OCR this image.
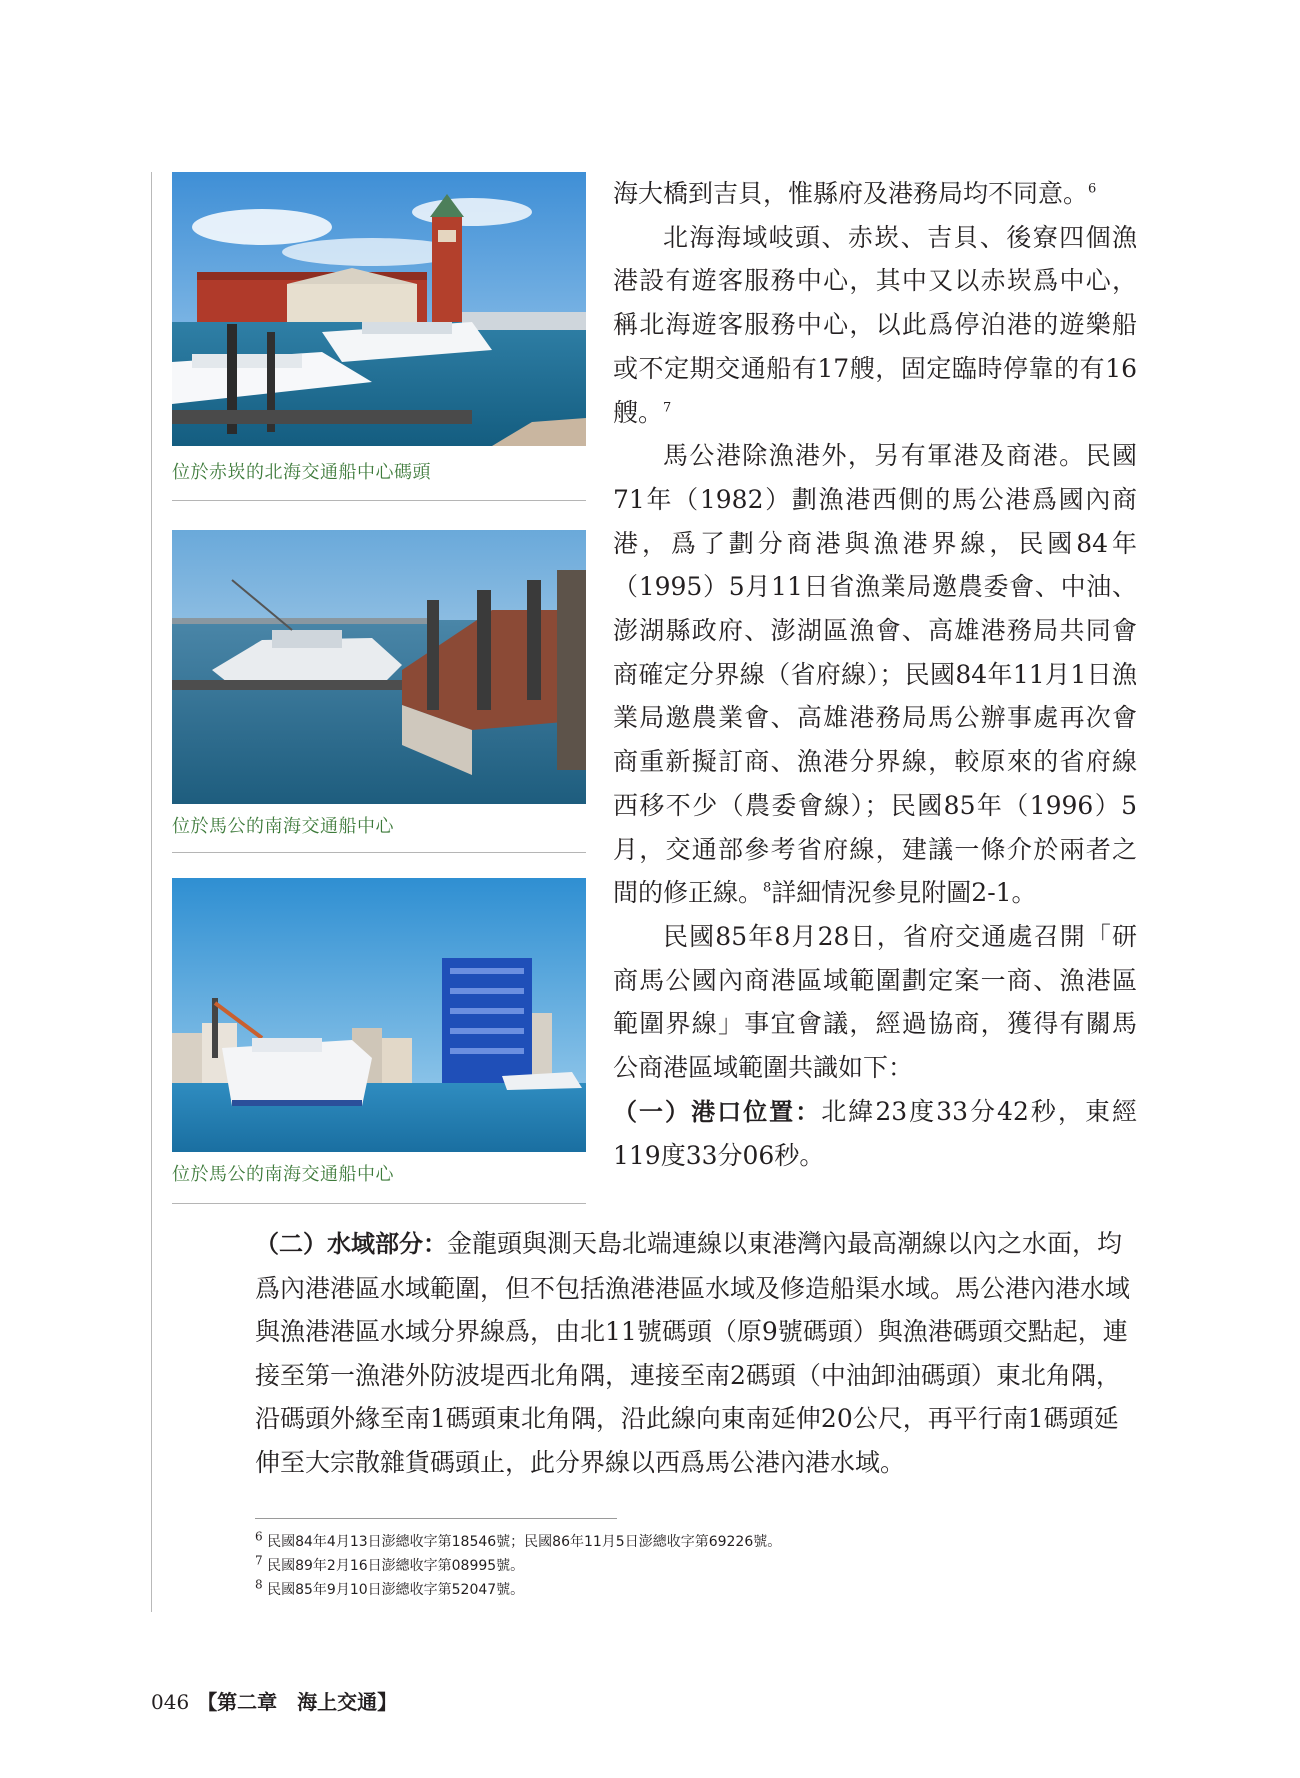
位於赤崁的北海交通船中心碼頭
位於馬公的南海交通船中心
位於馬公的南海交通船中心

海大橋到吉貝，惟縣府及港務局均不同意。$^6$

北海海域岐頭、赤崁、吉貝、後寮四個漁港設有遊客服務中心，其中又以赤崁爲中心，稱北海遊客服務中心，以此爲停泊港的遊樂船或不定期交通船有17艘，固定臨時停靠的有16艘。$^7$

馬公港除漁港外，另有軍港及商港。民國71年（1982）劃漁港西側的馬公港爲國內商港，爲了劃分商港與漁港界線，民國84年（1995）5月11日省漁業局邀農委會、中油、澎湖縣政府、澎湖區漁會、高雄港務局共同會商確定分界線（省府線）；民國84年11月1日漁業局邀農業會、高雄港務局馬公辦事處再次會商重新擬訂商、漁港分界線，較原來的省府線西移不少（農委會線）；民國85年（1996）5月，交通部參考省府線，建議一條介於兩者之間的修正線。$^8$詳細情況參見附圖2-1。

民國85年8月28日，省府交通處召開「研商馬公國內商港區域範圍劃定案一商、漁港區範圍界線」事宜會議，經過協商，獲得有關馬公商港區域範圍共識如下：

（一）港口位置：北緯23度33分42秒，東經119度33分06秒。

（二）水域部分：金龍頭與測天島北端連線以東港灣內最高潮線以內之水面，均爲內港港區水域範圍，但不包括漁港港區水域及修造船渠水域。馬公港內港水域與漁港港區水域分界線爲，由北11號碼頭（原9號碼頭）與漁港碼頭交點起，連接至第一漁港外防波堤西北角隅，連接至南2碼頭（中油卸油碼頭）東北角隅，沿碼頭外緣至南1碼頭東北角隅，沿此線向東南延伸20公尺，再平行南1碼頭延伸至大宗散雜貨碼頭止，此分界線以西爲馬公港內港水域。

$^6$ 民國84年4月13日澎總收字第18546號；民國86年11月5日澎總收字第69226號。
$^7$ 民國89年2月16日澎總收字第08995號。
$^8$ 民國85年9月10日澎總收字第52047號。
046 【第二章　海上交通】
